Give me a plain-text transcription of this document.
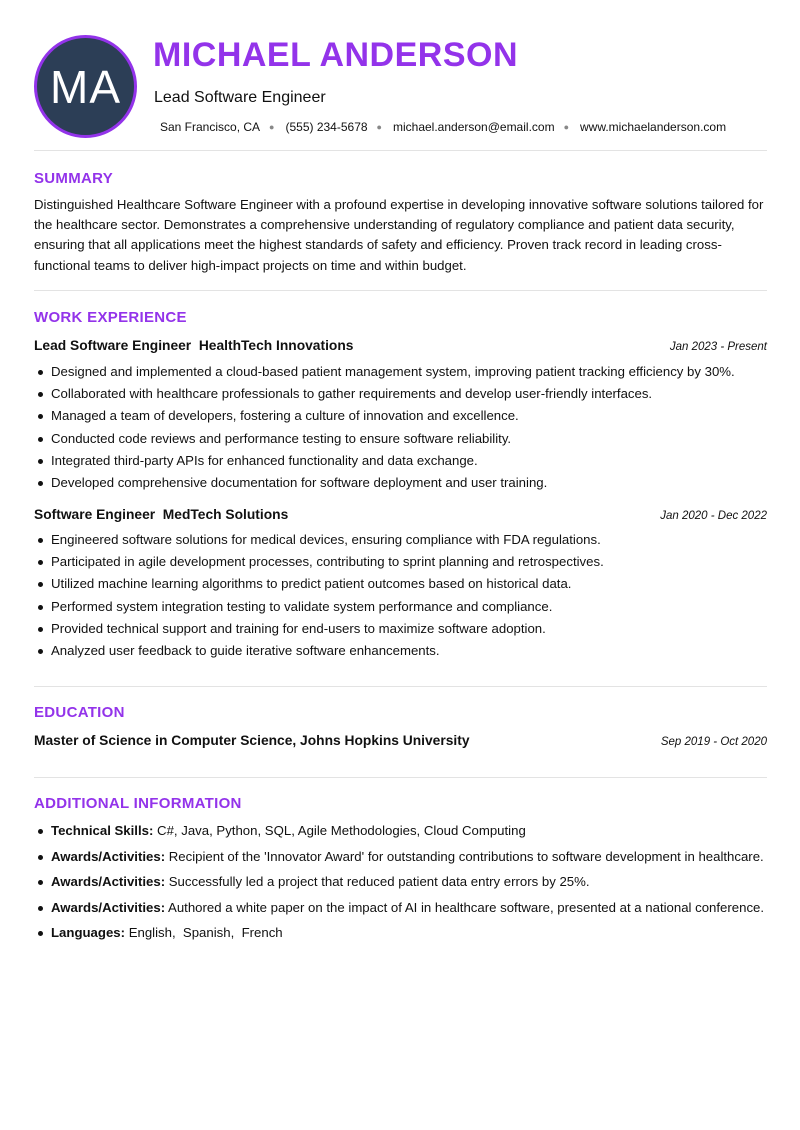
MA
MICHAEL ANDERSON
Lead Software Engineer
San Francisco, CA ● (555) 234-5678 ● michael.anderson@email.com ● www.michaelanderson.com
SUMMARY
Distinguished Healthcare Software Engineer with a profound expertise in developing innovative software solutions tailored for the healthcare sector. Demonstrates a comprehensive understanding of regulatory compliance and patient data security, ensuring that all applications meet the highest standards of safety and efficiency. Proven track record in leading cross-functional teams to deliver high-impact projects on time and within budget.
WORK EXPERIENCE
Lead Software Engineer  HealthTech Innovations	Jan 2023 - Present
Designed and implemented a cloud-based patient management system, improving patient tracking efficiency by 30%.
Collaborated with healthcare professionals to gather requirements and develop user-friendly interfaces.
Managed a team of developers, fostering a culture of innovation and excellence.
Conducted code reviews and performance testing to ensure software reliability.
Integrated third-party APIs for enhanced functionality and data exchange.
Developed comprehensive documentation for software deployment and user training.
Software Engineer  MedTech Solutions	Jan 2020 - Dec 2022
Engineered software solutions for medical devices, ensuring compliance with FDA regulations.
Participated in agile development processes, contributing to sprint planning and retrospectives.
Utilized machine learning algorithms to predict patient outcomes based on historical data.
Performed system integration testing to validate system performance and compliance.
Provided technical support and training for end-users to maximize software adoption.
Analyzed user feedback to guide iterative software enhancements.
EDUCATION
Master of Science in Computer Science, Johns Hopkins University	Sep 2019 - Oct 2020
ADDITIONAL INFORMATION
Technical Skills: C#, Java, Python, SQL, Agile Methodologies, Cloud Computing
Awards/Activities: Recipient of the 'Innovator Award' for outstanding contributions to software development in healthcare.
Awards/Activities: Successfully led a project that reduced patient data entry errors by 25%.
Awards/Activities: Authored a white paper on the impact of AI in healthcare software, presented at a national conference.
Languages: English,  Spanish,  French
